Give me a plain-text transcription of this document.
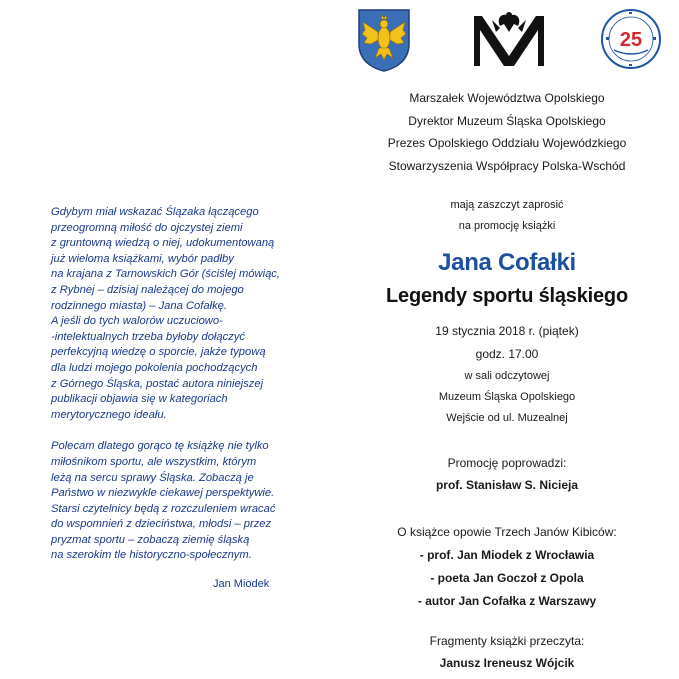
25

Gdybym miał wskazać Ślązaka łączącego
przeogromną miłość do ojczystej ziemi
z gruntowną wiedzą o niej, udokumentowaną
już wieloma książkami, wybór padłby
na krajana z Tarnowskich Gór (ściślej mówiąc,
z Rybnej – dzisiaj należącej do mojego
rodzinnego miasta) – Jana Cofałkę.
A jeśli do tych walorów uczuciowo-
-intelektualnych trzeba byłoby dołączyć
perfekcyjną wiedzę o sporcie, jakże typową
dla ludzi mojego pokolenia pochodzących
z Górnego Śląska, postać autora niniejszej
publikacji objawia się w kategoriach
merytorycznego ideału.

Polecam dlatego gorąco tę książkę nie tylko
miłośnikom sportu, ale wszystkim, którym
leżą na sercu sprawy Śląska. Zobaczą je
Państwo w niezwykle ciekawej perspektywie.
Starsi czytelnicy będą z rozczuleniem wracać
do wspomnień z dzieciństwa, młodsi – przez
pryzmat sportu – zobaczą ziemię śląską
na szerokim tle historyczno-społecznym.

Jan Miodek
Marszałek Województwa Opolskiego
Dyrektor Muzeum Śląska Opolskiego
Prezes Opolskiego Oddziału Wojewódzkiego
Stowarzyszenia Współpracy Polska-Wschód
mają zaszczyt zaprosić
na promocję książki
Jana Cofałki
Legendy sportu śląskiego
19 stycznia 2018 r. (piątek)
godz. 17.00
w sali odczytowej
Muzeum Śląska Opolskiego
Wejście od ul. Muzealnej
Promocję poprowadzi:
prof. Stanisław S. Nicieja
O książce opowie Trzech Janów Kibiców:
- prof. Jan Miodek z Wrocławia
- poeta Jan Goczoł z Opola
- autor Jan Cofałka z Warszawy
Fragmenty książki przeczyta:
Janusz Ireneusz Wójcik
